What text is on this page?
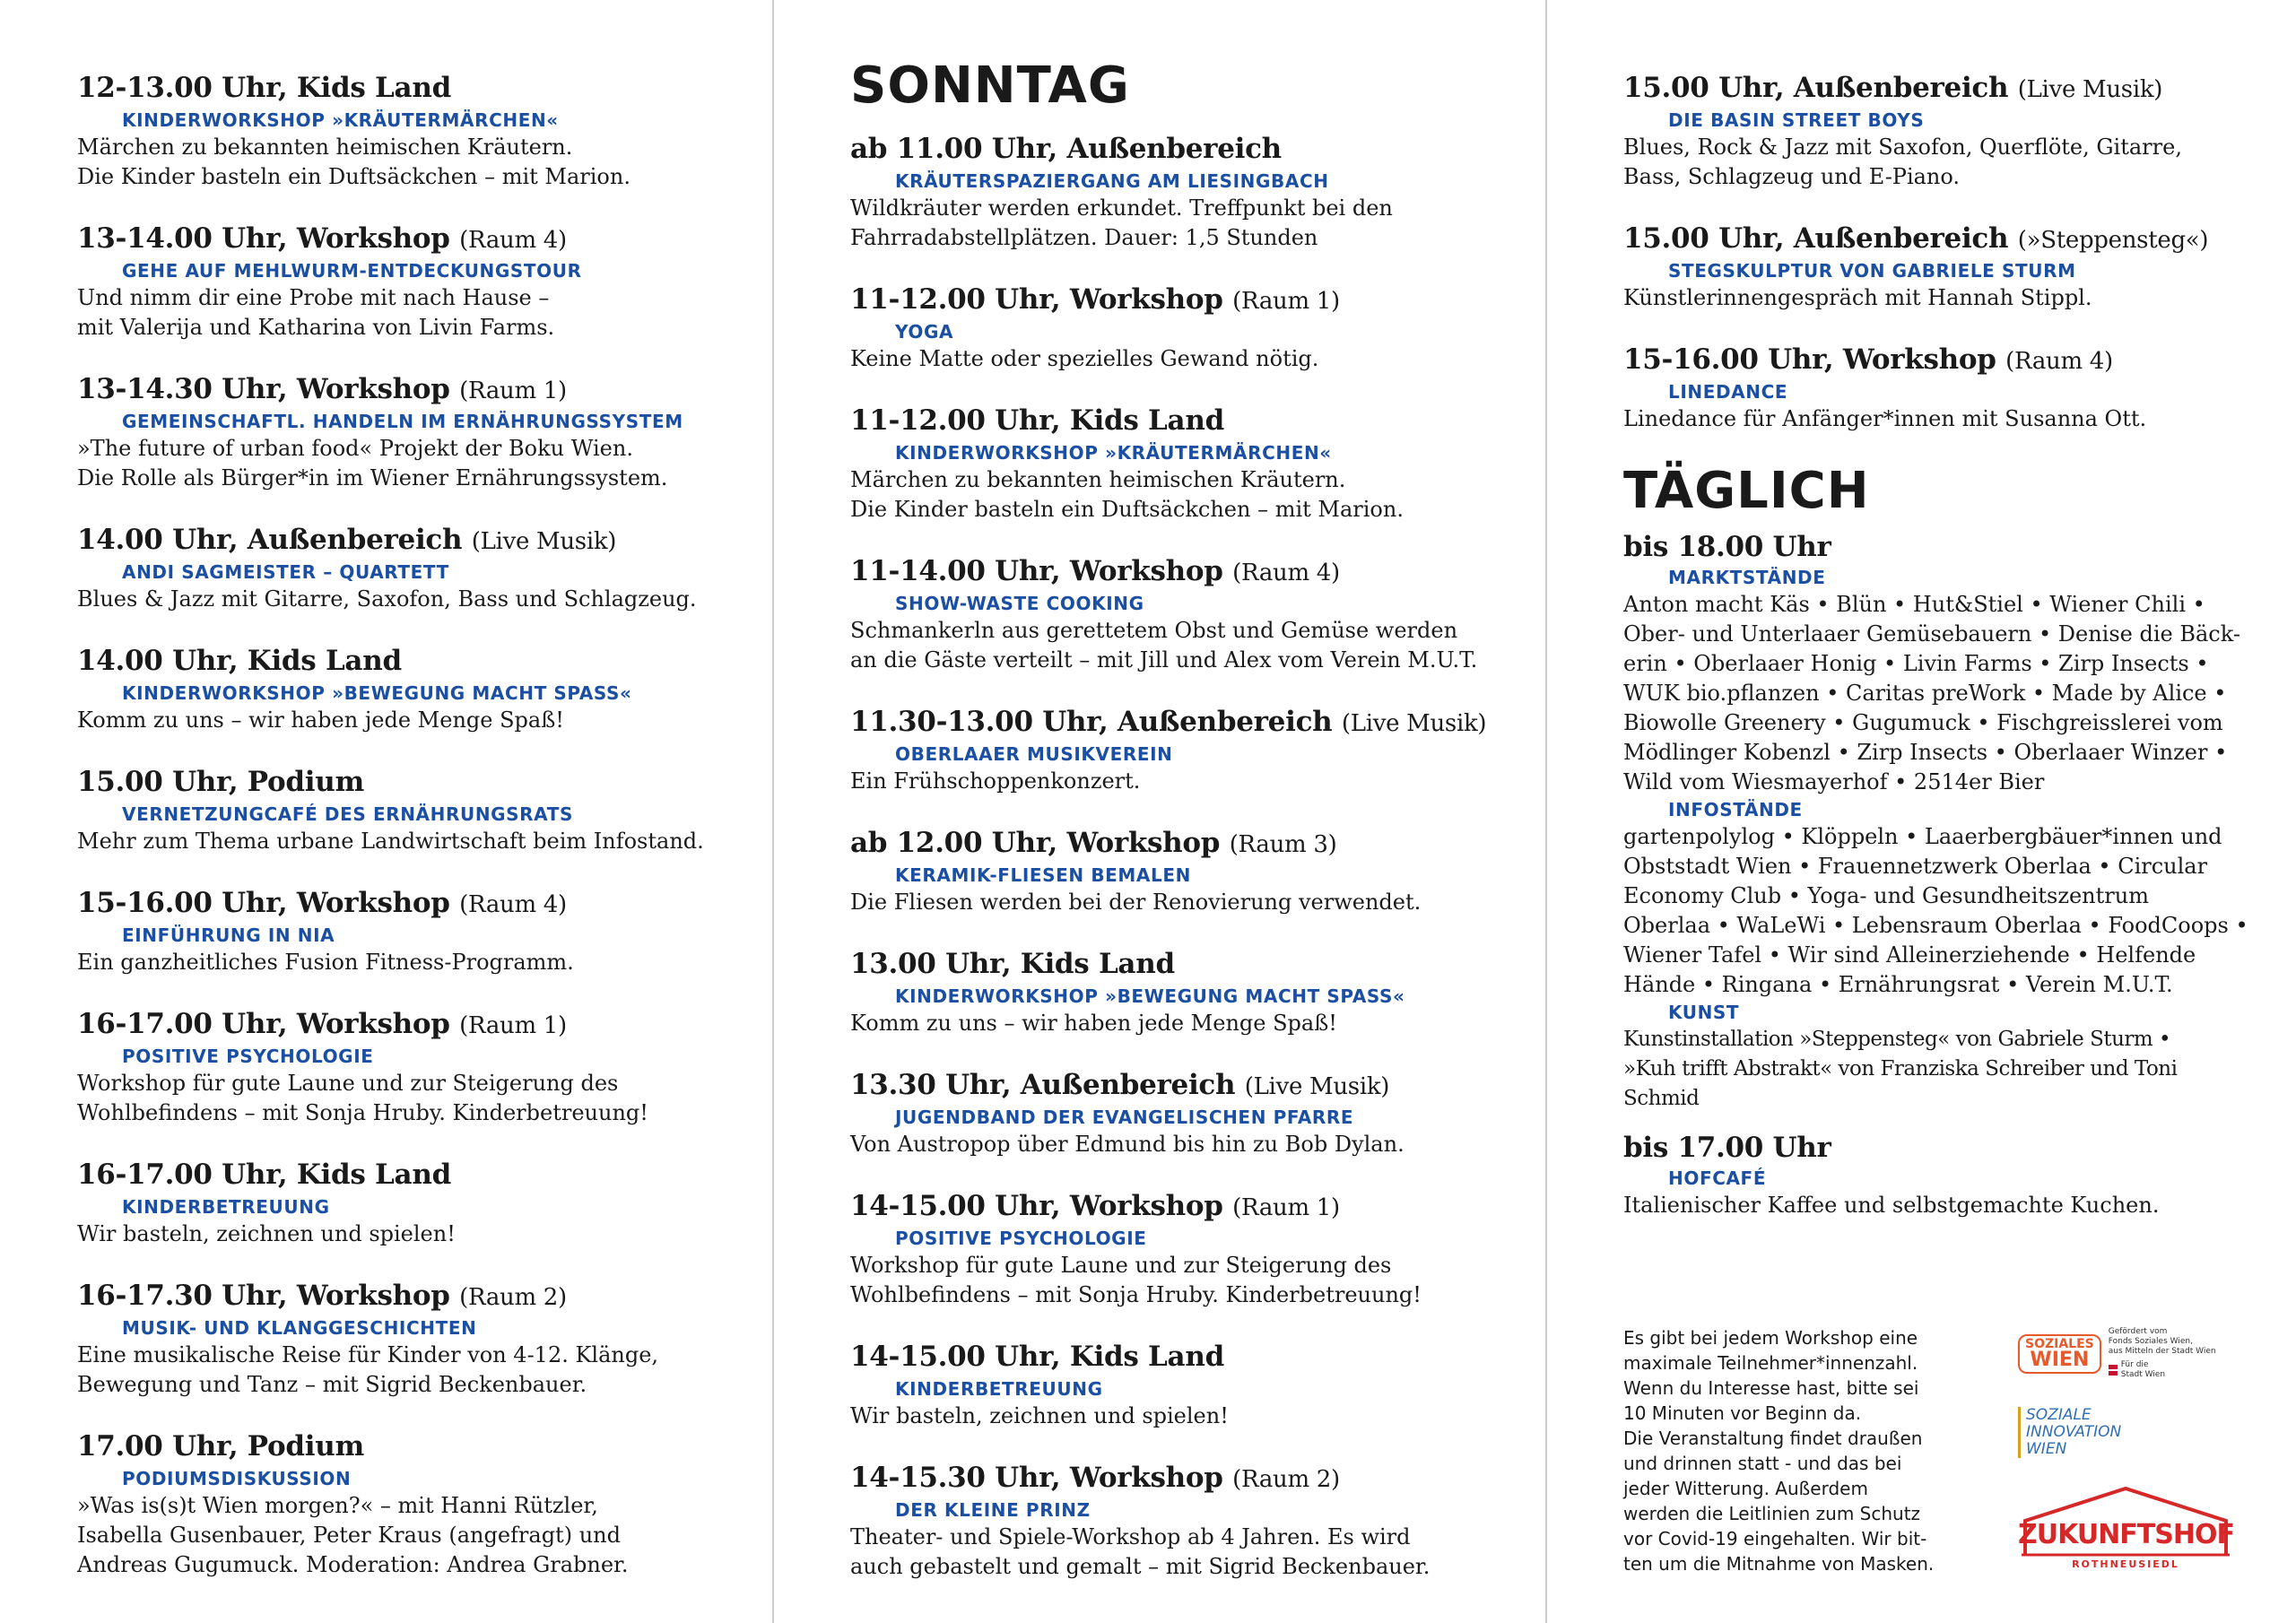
12-13.00 Uhr, Kids Land
KINDERWORKSHOP »KRÄUTERMÄRCHEN«
Märchen zu bekannten heimischen Kräutern.
Die Kinder basteln ein Duftsäckchen – mit Marion.
13-14.00 Uhr, Workshop (Raum 4)
GEHE AUF MEHLWURM-ENTDECKUNGSTOUR
Und nimm dir eine Probe mit nach Hause –
mit Valerija und Katharina von Livin Farms.
13-14.30 Uhr, Workshop (Raum 1)
GEMEINSCHAFTL. HANDELN IM ERNÄHRUNGSSYSTEM
»The future of urban food« Projekt der Boku Wien.
Die Rolle als Bürger*in im Wiener Ernährungssystem.
14.00 Uhr, Außenbereich (Live Musik)
ANDI SAGMEISTER – QUARTETT
Blues & Jazz mit Gitarre, Saxofon, Bass und Schlagzeug.
14.00 Uhr, Kids Land
KINDERWORKSHOP »BEWEGUNG MACHT SPASS«
Komm zu uns – wir haben jede Menge Spaß!
15.00 Uhr, Podium
VERNETZUNGCAFÉ DES ERNÄHRUNGSRATS
Mehr zum Thema urbane Landwirtschaft beim Infostand.
15-16.00 Uhr, Workshop (Raum 4)
EINFÜHRUNG IN NIA
Ein ganzheitliches Fusion Fitness-Programm.
16-17.00 Uhr, Workshop (Raum 1)
POSITIVE PSYCHOLOGIE
Workshop für gute Laune und zur Steigerung des
Wohlbefindens – mit Sonja Hruby. Kinderbetreuung!
16-17.00 Uhr, Kids Land
KINDERBETREUUNG
Wir basteln, zeichnen und spielen!
16-17.30 Uhr, Workshop (Raum 2)
MUSIK- UND KLANGGESCHICHTEN
Eine musikalische Reise für Kinder von 4-12. Klänge,
Bewegung und Tanz – mit Sigrid Beckenbauer.
17.00 Uhr, Podium
PODIUMSDISKUSSION
»Was is(s)t Wien morgen?« – mit Hanni Rützler,
Isabella Gusenbauer, Peter Kraus (angefragt) und
Andreas Gugumuck. Moderation: Andrea Grabner.
SONNTAG
ab 11.00 Uhr, Außenbereich
KRÄUTERSPAZIERGANG AM LIESINGBACH
Wildkräuter werden erkundet. Treffpunkt bei den
Fahrradabstellplätzen. Dauer: 1,5 Stunden
11-12.00 Uhr, Workshop (Raum 1)
YOGA
Keine Matte oder spezielles Gewand nötig.
11-12.00 Uhr, Kids Land
KINDERWORKSHOP »KRÄUTERMÄRCHEN«
Märchen zu bekannten heimischen Kräutern.
Die Kinder basteln ein Duftsäckchen – mit Marion.
11-14.00 Uhr, Workshop (Raum 4)
SHOW-WASTE COOKING
Schmankerln aus gerettetem Obst und Gemüse werden
an die Gäste verteilt – mit Jill und Alex vom Verein M.U.T.
11.30-13.00 Uhr, Außenbereich (Live Musik)
OBERLAAER MUSIKVEREIN
Ein Frühschoppenkonzert.
ab 12.00 Uhr, Workshop (Raum 3)
KERAMIK-FLIESEN BEMALEN
Die Fliesen werden bei der Renovierung verwendet.
13.00 Uhr, Kids Land
KINDERWORKSHOP »BEWEGUNG MACHT SPASS«
Komm zu uns – wir haben jede Menge Spaß!
13.30 Uhr, Außenbereich (Live Musik)
JUGENDBAND DER EVANGELISCHEN PFARRE
Von Austropop über Edmund bis hin zu Bob Dylan.
14-15.00 Uhr, Workshop (Raum 1)
POSITIVE PSYCHOLOGIE
Workshop für gute Laune und zur Steigerung des
Wohlbefindens – mit Sonja Hruby. Kinderbetreuung!
14-15.00 Uhr, Kids Land
KINDERBETREUUNG
Wir basteln, zeichnen und spielen!
14-15.30 Uhr, Workshop (Raum 2)
DER KLEINE PRINZ
Theater- und Spiele-Workshop ab 4 Jahren. Es wird
auch gebastelt und gemalt – mit Sigrid Beckenbauer.
15.00 Uhr, Außenbereich (Live Musik)
DIE BASIN STREET BOYS
Blues, Rock & Jazz mit Saxofon, Querflöte, Gitarre,
Bass, Schlagzeug und E-Piano.
15.00 Uhr, Außenbereich (»Steppensteg«)
STEGSKULPTUR VON GABRIELE STURM
Künstlerinnengespräch mit Hannah Stippl.
15-16.00 Uhr, Workshop (Raum 4)
LINEDANCE
Linedance für Anfänger*innen mit Susanna Ott.
TÄGLICH
bis 18.00 Uhr
MARKTSTÄNDE
Anton macht Käs • Blün • Hut&Stiel • Wiener Chili •
Ober- und Unterlaaer Gemüsebauern • Denise die Bäck-
erin • Oberlaaer Honig • Livin Farms • Zirp Insects •
WUK bio.pflanzen • Caritas preWork • Made by Alice •
Biowolle Greenery • Gugumuck • Fischgreisslerei vom
Mödlinger Kobenzl • Zirp Insects • Oberlaaer Winzer •
Wild vom Wiesmayerhof • 2514er Bier
INFOSTÄNDE
gartenpolylog • Klöppeln • Laaerbergbäuer*innen und
Obststadt Wien • Frauennetzwerk Oberlaa • Circular
Economy Club • Yoga- und Gesundheitszentrum
Oberlaa • WaLeWi • Lebensraum Oberlaa • FoodCoops •
Wiener Tafel • Wir sind Alleinerziehende • Helfende
Hände • Ringana • Ernährungsrat • Verein M.U.T.
KUNST
Kunstinstallation »Steppensteg« von Gabriele Sturm •
»Kuh trifft Abstrakt« von Franziska Schreiber und Toni Schmid
bis 17.00 Uhr
HOFCAFÉ
Italienischer Kaffee und selbstgemachte Kuchen.
Es gibt bei jedem Workshop eine
maximale Teilnehmer*innenzahl.
Wenn du Interesse hast, bitte sei
10 Minuten vor Beginn da.
Die Veranstaltung findet draußen
und drinnen statt - und das bei
jeder Witterung. Außerdem
werden die Leitlinien zum Schutz
vor Covid-19 eingehalten. Wir bit-
ten um die Mitnahme von Masken.
SOZIALES
WIEN
Gefördert vom
Fonds Soziales Wien,
aus Mitteln der Stadt Wien
Für die
Stadt Wien
SOZIALE
INNOVATION
WIEN
ZUKUNFTSHOF
ROTHNEUSIEDL
